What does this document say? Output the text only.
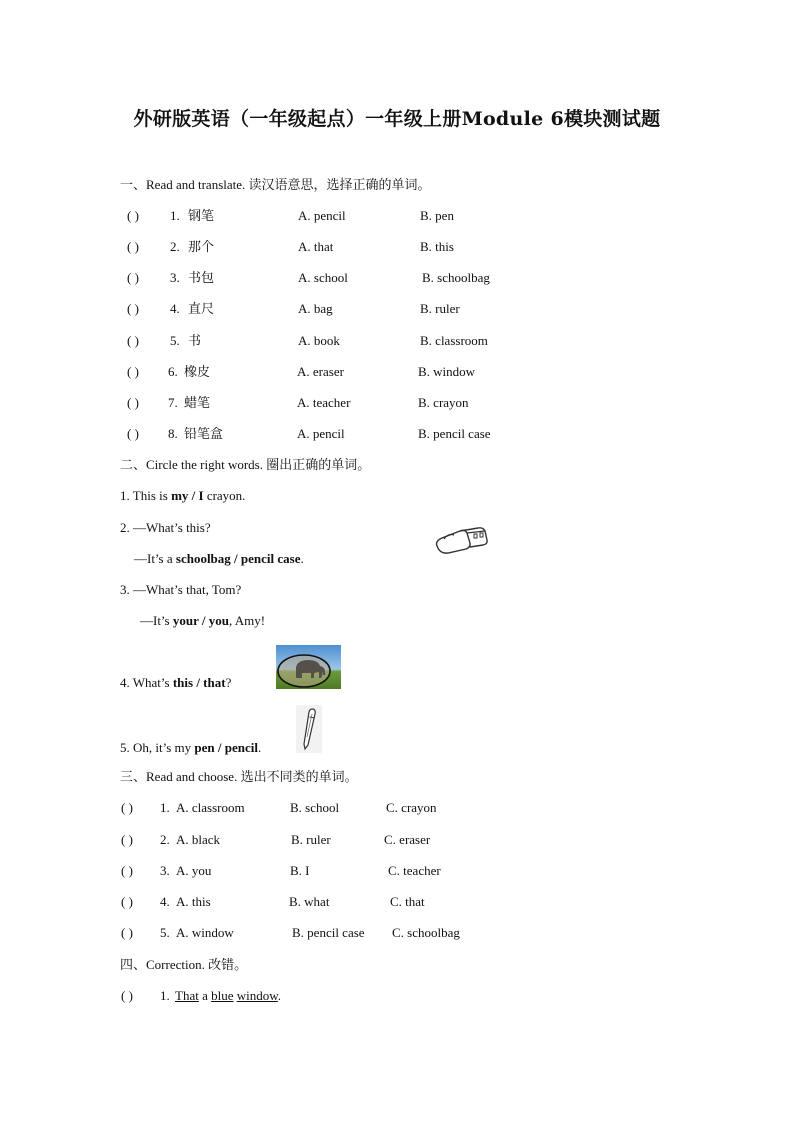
外研版英语（一年级起点）一年级上册Module 6模块测试题
一、Read and translate. 读汉语意思，选择正确的单词。
( ) 1. 钢笔	A. pencil	B. pen
( ) 2. 那个	A. that	B. this
( ) 3. 书包	A. school	B. schoolbag
( ) 4. 直尺	A. bag	B. ruler
( ) 5. 书	A. book	B. classroom
( ) 6. 橡皮	A. eraser	B. window
( ) 7. 蜡笔	A. teacher	B. crayon
( ) 8. 铅笔盒	A. pencil	B. pencil case
二、Circle the right words. 圈出正确的单词。
1. This is my / I crayon.
2. —What’s this?
—It’s a schoolbag / pencil case.
3. —What’s that, Tom?
—It’s your / you, Amy!
4. What’s this / that?
5. Oh, it’s my pen / pencil.
三、Read and choose. 选出不同类的单词。
( ) 1. A. classroom	B. school	C. crayon
( ) 2. A. black	B. ruler	C. eraser
( ) 3. A. you	B. I	C. teacher
( ) 4. A. this	B. what	C. that
( ) 5. A. window	B. pencil case C. schoolbag
四、Correction. 改错。
( ) 1. That a blue window.
